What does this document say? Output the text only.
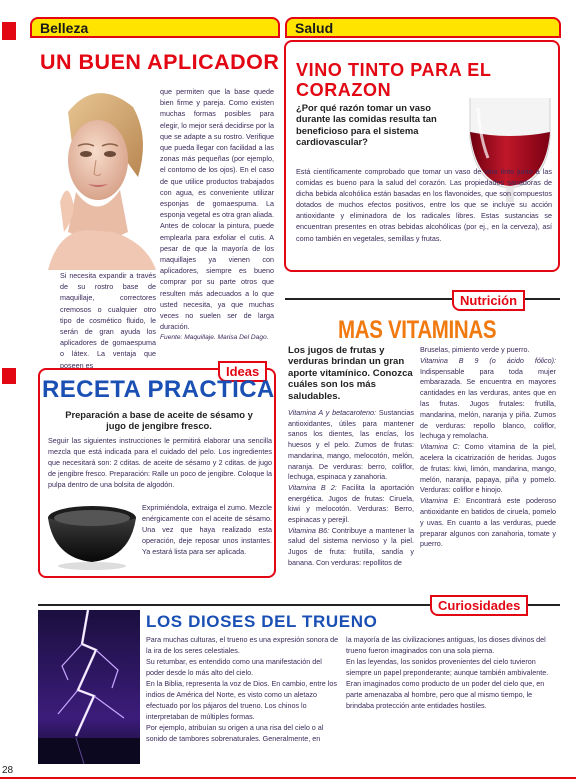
Belleza	Salud
UN BUEN APLICADOR
Si necesita expandir a través de su rostro base de maquillaje, correctores cremosos o cualquier otro tipo de cosmético fluido, le serán de gran ayuda los aplicadores de gomaespuma o látex. La ventaja que poseen es

que permiten que la base quede bien firme y pareja. Como existen muchas formas posibles para elegir, lo mejor será decidirse por la que se adapte a su rostro. Verifique que pueda llegar con facilidad a las zonas más pequeñas (por ejemplo, el contorno de los ojos). En el caso de que utilice productos trabajados con agua, es conveniente utilizar esponjas de gomaespuma. La esponja vegetal es otra gran aliada. Antes de colocar la pintura, puede emplearla para exfoliar el cutis. A pesar de que la mayoría de los maquillajes ya vienen con aplicadores, siempre es bueno comprar por su parte otros que resulten más adecuados a lo que usted necesita, ya que muchas veces no suelen ser de larga duración.

Fuente: Maquillaje. Marisa Del Dago.

VINO TINTO PARA EL
CORAZON
¿Por qué razón tomar un vaso durante las comidas resulta tan beneficioso para el sistema cardiovascular?
Está científicamente comprobado que tomar un vaso de vino tinto junto a las comidas es bueno para la salud del corazón. Las propiedades sanadoras de dicha bebida alcohólica están basadas en los flavonoides, que son compuestos dotados de muchos efectos positivos, entre los que se incluye su acción antioxidante y eliminadora de los radicales libres. Estas sustancias se encuentran presentes en otras bebidas alcohólicas (por ej., en la cerveza), así como también en vegetales, semillas y frutas.
Ideas
RECETA PRACTICA
Preparación a base de aceite de sésamo y
jugo de jengibre fresco.
Seguir las siguientes instrucciones le permitirá elaborar una sencilla mezcla que está indicada para el cuidado del pelo. Los ingredientes que necesitará son: 2 cditas. de aceite de sésamo y 2 cditas. de jugo de jengibre fresco. Preparación: Ralle un poco de jengibre. Coloque la pulpa dentro de una bolsita de algodón.
Exprimiéndola, extraiga el zumo. Mezcle enérgicamente con el aceite de sésamo. Una vez que haya realizado esta operación, deje reposar unos instantes. Ya estará lista para ser aplicada.
Nutrición
MAS VITAMINAS
Los jugos de frutas y verduras brindan un gran aporte vitamínico. Conozca cuáles son los más saludables.

Vitamina A y betacaroteno: Sustancias antioxidantes, útiles para mantener sanos los dientes, las encías, los huesos y el pelo. Zumos de frutas: mandarina, mango, melocotón, melón, naranja. De verduras: berro, coliflor, lechuga, espinaca y zanahoria.

Vitamina B 2: Facilita la aportación energética. Jugos de frutas: Ciruela, kiwi y melocotón. Verduras: Berro, espinacas y perejil.

Vitamina B6: Contribuye a mantener la salud del sistema nervioso y la piel. Jugos de fruta: frutilla, sandía y banana. Con verduras: repollitos de

Bruselas, pimiento verde y puerro.

Vitamina B 9 (o ácido fólico): Indispensable para toda mujer embarazada. Se encuentra en mayores cantidades en las verduras, antes que en las frutas. Jugos frutales: frutilla, mandarina, melón, naranja y piña. Zumos de verduras: repollo blanco, coliflor, lechuga y remolacha.

Vitamina C: Como vitamina de la piel, acelera la cicatrización de heridas. Jugos de frutas: kiwi, limón, mandarina, mango, melón, naranja, papaya, piña y pomelo. Verduras: coliflor e hinojo.

Vitamina E: Encontrará este poderoso antioxidante en batidos de ciruela, pomelo y uvas. En cuanto a las verduras, puede preparar algunos con zanahoria, tomate y puerro.

Curiosidades
LOS DIOSES DEL TRUENO

Para muchas culturas, el trueno es una expresión sonora de la ira de los seres celestiales.

Su retumbar, es entendido como una manifestación del poder desde lo más alto del cielo.

En la Biblia, representa la voz de Dios. En cambio, entre los indios de América del Norte, es visto como un aletazo efectuado por los pájaros del trueno. Los chinos lo interpretaban de múltiples formas.

Por ejemplo, atribuían su origen a una risa del cielo o al sonido de tambores sobrenaturales. Generalmente, en

la mayoría de las civilizaciones antiguas, los dioses divinos del trueno fueron imaginados con una sola pierna.

En las leyendas, los sonidos provenientes del cielo tuvieron siempre un papel preponderante; aunque también ambivalente.

Eran imaginados como producto de un poder del cielo que, en parte amenazaba al hombre, pero que al mismo tiempo, le brindaba protección ante entidades hostiles.

28
